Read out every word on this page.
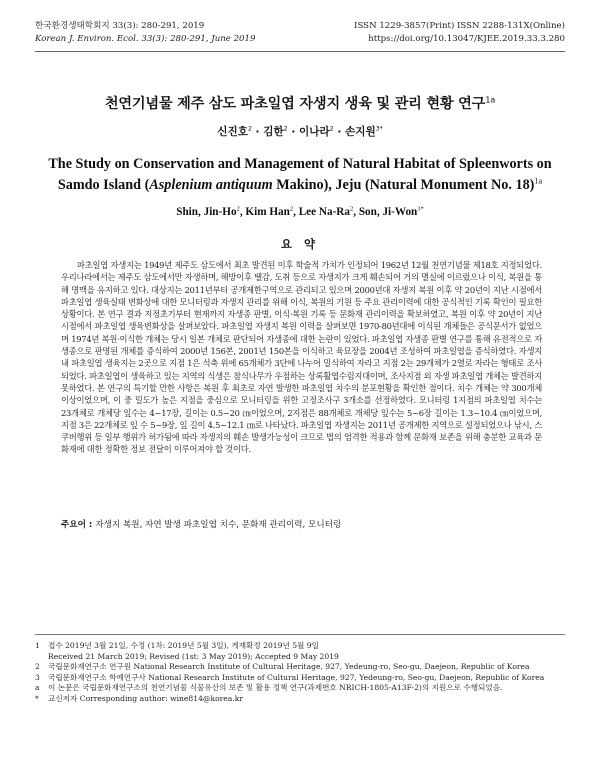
한국환경생태학회지 33(3): 280-291, 2019
Korean J. Environ. Ecol. 33(3): 280-291, June 2019
ISSN 1229-3857(Print) ISSN 2288-131X(Online)
https://doi.org/10.13047/KJEE.2019.33.3.280
천연기념물 제주 삼도 파초일엽 자생지 생육 및 관리 현황 연구$^{1a}$
신진호$^2$ · 김한$^2$ · 이나라$^2$ · 손지원$^{3*}$
The Study on Conservation and Management of Natural Habitat of Spleenworts on Samdo Island (Asplenium antiquum Makino), Jeju (Natural Monument No. 18)$^{1a}$
Shin, Jin-Ho$^2$, Kim Han$^2$, Lee Na-Ra$^2$, Son, Ji-Won$^{3*}$
요 약
파초일엽 자생지는 1949년 제주도 삼도에서 최초 발견된 이후 학술적 가치가 인정되어 1962년 12월 천연기념물 제18호 지정되었다. 우리나라에서는 제주도 삼도에서만 자생하며, 해방이후 땔감, 도취 등으로 자생지가 크게 훼손되어 거의 멸실에 이르렀으나 이식, 복원을 통해 명맥을 유지하고 있다. 대상지는 2011년부터 공개제한구역으로 관리되고 있으며 2000년대 자생지 복원 이후 약 20년이 지난 시점에서 파초일엽 생육실태 변화상에 대한 모니터링과 자생지 관리를 위해 이식, 복원의 기원 등 주요 관리이력에 대한 공식적인 기록 확인이 필요한 상황이다. 본 연구 결과 지정초기부터 현재까지 자생종 판별, 이식·복원 기록 등 문화재 관리이력을 확보하였고, 복원 이후 약 20년이 지난시점에서 파초일엽 생육변화상을 살펴보았다. 파초일엽 자생지 복원 이력을 살펴보면 1970-80년대에 이식된 개체들은 공식문서가 없었으며 1974년 복원·이식한 개체는 당시 일본 개체로 판단되어 자생종에 대한 논란이 있었다. 파초일엽 자생종 판별 연구를 통해 유전적으로 자생종으로 판명된 개체를 증식하여 2000년 156본, 2001년 150본을 이식하고 육묘장을 2004년 조성하여 파초일엽을 증식하였다. 자생지 내 파초일엽 생육지는 2곳으로 지점 1은 석축 위에 65개체가 3단에 나누어 밀식하여 자라고 지점 2는 29개체가 2열로 자라는 형태로 조사되었다. 파초일엽이 생육하고 있는 지역의 식생은 참식나무가 우점하는 상록활엽수림지대이며, 조사지점 외 자생 파초일엽 개체는 발견하지 못하였다. 본 연구의 특기할 만한 사항은 복원 후 최초로 자연 발생한 파초일엽 치수의 분포현황을 확인한 점이다. 치수 개체는 약 300개체 이상이었으며, 이 중 밀도가 높은 지점을 중심으로 모니터링을 위한 고정조사구 3개소를 선정하였다. 모니터링 1지점의 파초일엽 치수는 23개체로 개체당 잎수는 4~17장, 길이는 0.5~20 ㎝이었으며, 2지점은 88개체로 개체당 잎수는 5~6장 길이는 1.3~10.4 ㎝이었으며, 지점 3은 22개체로 잎 수 5~9장, 잎 길이 4.5~12.1 ㎝로 나타났다. 파초일엽 자생지는 2011년 공개제한 지역으로 설정되었으나 낚시, 스쿠버행위 등 일부 행위가 허가됨에 따라 자생지의 훼손 발생가능성이 크므로 법의 엄격한 적용과 함께 문화재 보존을 위해 충분한 교육과 문화재에 대한 정확한 정보 전달이 이루어져야 할 것이다.
주요어 : 자생지 복원, 자연 발생 파초일엽 치수, 문화재 관리이력, 모니터링
1 접수 2019년 3월 21일, 수정 (1차: 2019년 5월 3일), 게재확정 2019년 5월 9일
Received 21 March 2019; Revised (1st: 3 May 2019); Accepted 9 May 2019
2 국립문화재연구소 연구원 National Research Institute of Cultural Heritage, 927, Yedeung-ro, Seo-gu, Daejeon, Republic of Korea
3 국립문화재연구소 학예연구사 National Research Institute of Cultural Heritage, 927, Yedeung-ro, Seo-gu, Daejeon, Republic of Korea
a 이 논문은 국립문화재연구소의 천연기념물 식물유산의 보존 및 활용 정책 연구(과제번호 NRICH-1805-A13F-2)의 지원으로 수행되었음.
* 교신저자 Corresponding author: wine814@korea.kr
